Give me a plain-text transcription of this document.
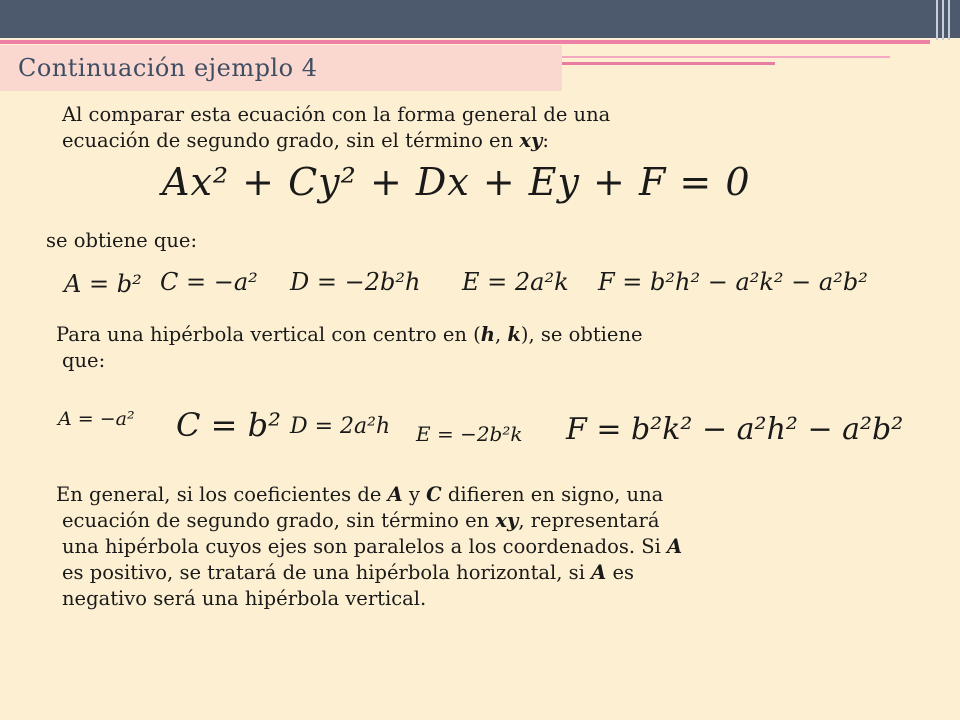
Continuación ejemplo 4

Al comparar esta ecuación con la forma general de una

ecuación de segundo grado, sin el término en xy:

Ax² + Cy² + Dx + Ey + F = 0

se obtiene que:

A = b² C = −a² D = −2b²h E = 2a²k F = b²h² − a²k² − a²b²

Para una hipérbola vertical con centro en (h, k), se obtiene

que:

A = −a² C = b² D = 2a²h E = −2b²k F = b²k² − a²h² − a²b²

En general, si los coeficientes de A y C difieren en signo, una

ecuación de segundo grado, sin término en xy, representará

una hipérbola cuyos ejes son paralelos a los coordenados. Si A

es positivo, se tratará de una hipérbola horizontal, si A es

negativo será una hipérbola vertical.
